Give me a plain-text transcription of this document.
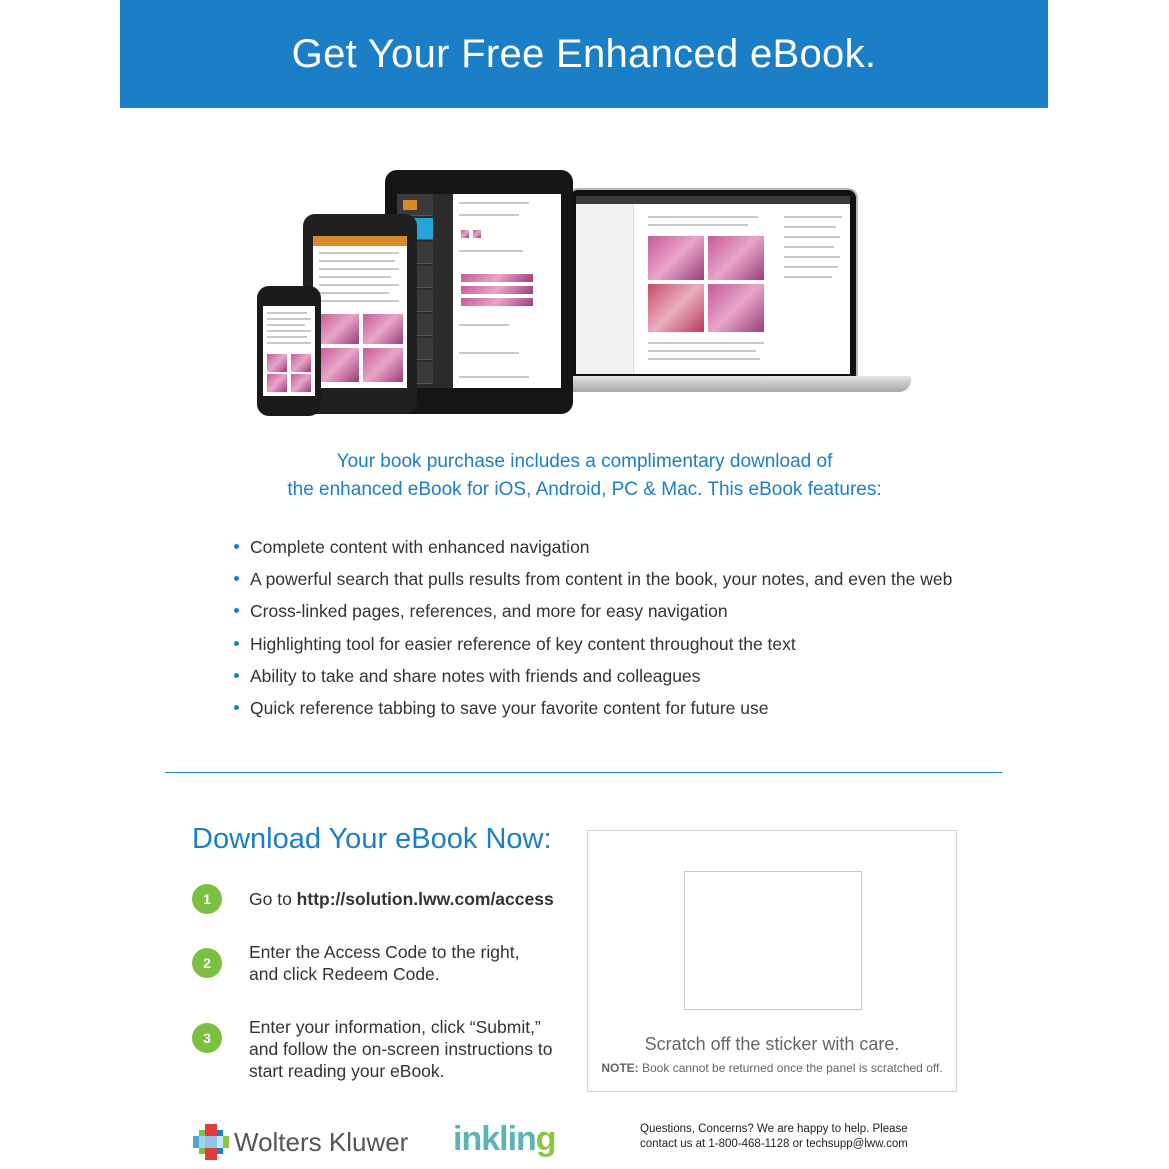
Get Your Free Enhanced eBook.
Your book purchase includes a complimentary download of
the enhanced eBook for iOS, Android, PC & Mac. This eBook features:
Complete content with enhanced navigation
A powerful search that pulls results from content in the book, your notes, and even the web
Cross-linked pages, references, and more for easy navigation
Highlighting tool for easier reference of key content throughout the text
Ability to take and share notes with friends and colleagues
Quick reference tabbing to save your favorite content for future use
Download Your eBook Now:
1	Go to http://solution.lww.com/access
2
Enter the Access Code to the right,
and click Redeem Code.
3
Enter your information, click “Submit,”
and follow the on-screen instructions to
start reading your eBook.
Scratch off the sticker with care.
NOTE: Book cannot be returned once the panel is scratched off.
Wolters Kluwer inkling	Questions, Concerns? We are happy to help. Please
contact us at 1-800-468-1128 or techsupp@lww.com
